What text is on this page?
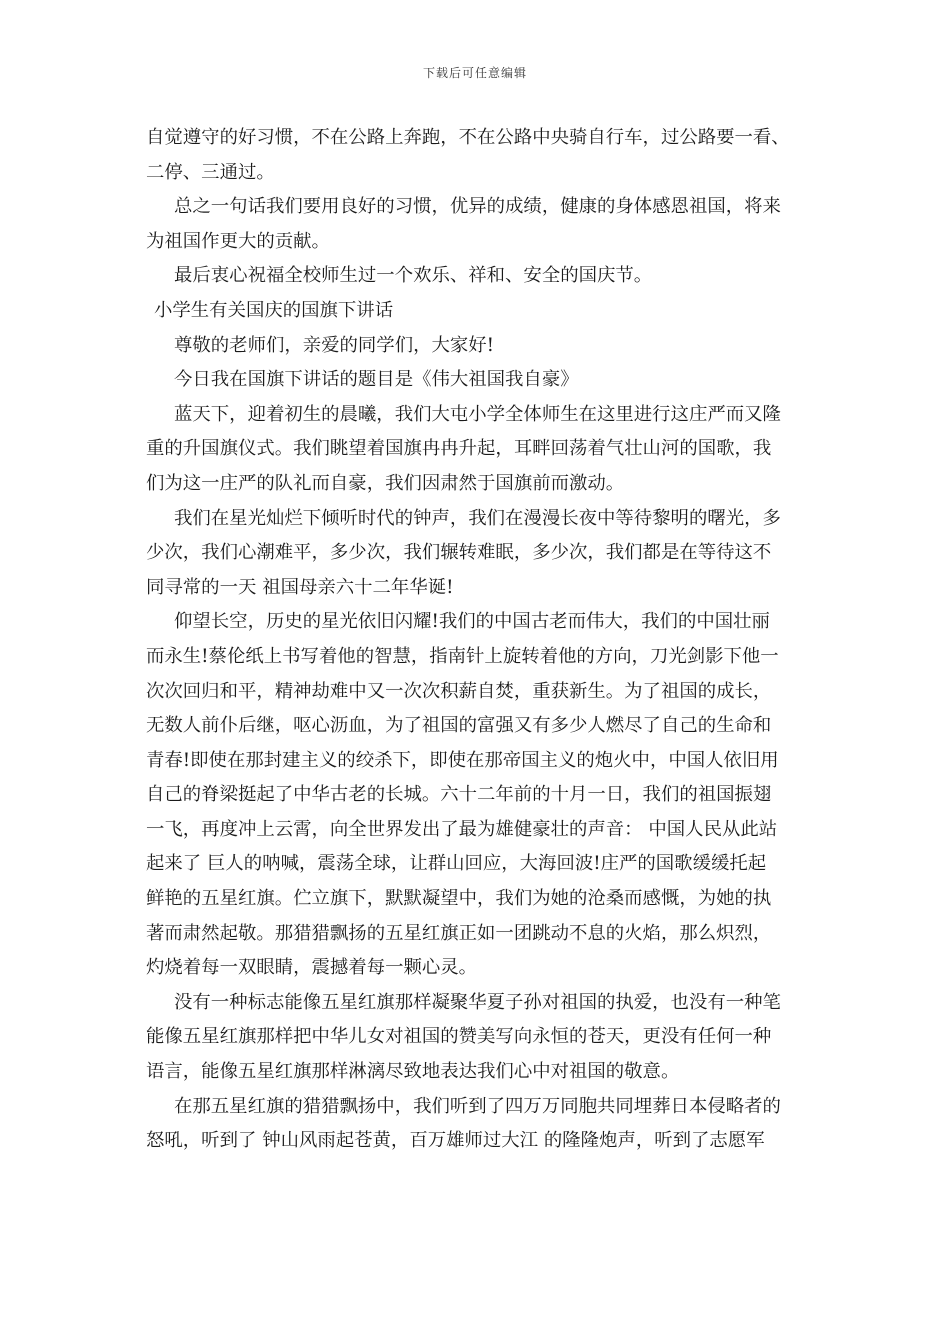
下载后可任意编辑
自觉遵守的好习惯，不在公路上奔跑，不在公路中央骑自行车，过公路要一看、
二停、三通过。
总之一句话我们要用良好的习惯，优异的成绩，健康的身体感恩祖国，将来
为祖国作更大的贡献。
最后衷心祝福全校师生过一个欢乐、祥和、安全的国庆节。
小学生有关国庆的国旗下讲话
尊敬的老师们，亲爱的同学们，大家好!
今日我在国旗下讲话的题目是《伟大祖国我自豪》
蓝天下，迎着初生的晨曦，我们大屯小学全体师生在这里进行这庄严而又隆
重的升国旗仪式。我们眺望着国旗冉冉升起，耳畔回荡着气壮山河的国歌，我
们为这一庄严的队礼而自豪，我们因肃然于国旗前而激动。
我们在星光灿烂下倾听时代的钟声，我们在漫漫长夜中等待黎明的曙光，多
少次，我们心潮难平，多少次，我们辗转难眠，多少次，我们都是在等待这不
同寻常的一天 祖国母亲六十二年华诞!
仰望长空，历史的星光依旧闪耀!我们的中国古老而伟大，我们的中国壮丽
而永生!蔡伦纸上书写着他的智慧，指南针上旋转着他的方向，刀光剑影下他一
次次回归和平，精神劫难中又一次次积薪自焚，重获新生。为了祖国的成长，
无数人前仆后继，呕心沥血，为了祖国的富强又有多少人燃尽了自己的生命和
青春!即使在那封建主义的绞杀下，即使在那帝国主义的炮火中，中国人依旧用
自己的脊梁挺起了中华古老的长城。六十二年前的十月一日，我们的祖国振翅
一飞，再度冲上云霄，向全世界发出了最为雄健豪壮的声音： 中国人民从此站
起来了 巨人的呐喊，震荡全球，让群山回应，大海回波!庄严的国歌缓缓托起
鲜艳的五星红旗。伫立旗下，默默凝望中，我们为她的沧桑而感慨，为她的执
著而肃然起敬。那猎猎飘扬的五星红旗正如一团跳动不息的火焰，那么炽烈，
灼烧着每一双眼睛，震撼着每一颗心灵。
没有一种标志能像五星红旗那样凝聚华夏子孙对祖国的执爱，也没有一种笔
能像五星红旗那样把中华儿女对祖国的赞美写向永恒的苍天，更没有任何一种
语言，能像五星红旗那样淋漓尽致地表达我们心中对祖国的敬意。
在那五星红旗的猎猎飘扬中，我们听到了四万万同胞共同埋葬日本侵略者的
怒吼，听到了 钟山风雨起苍黄，百万雄师过大江 的隆隆炮声，听到了志愿军
